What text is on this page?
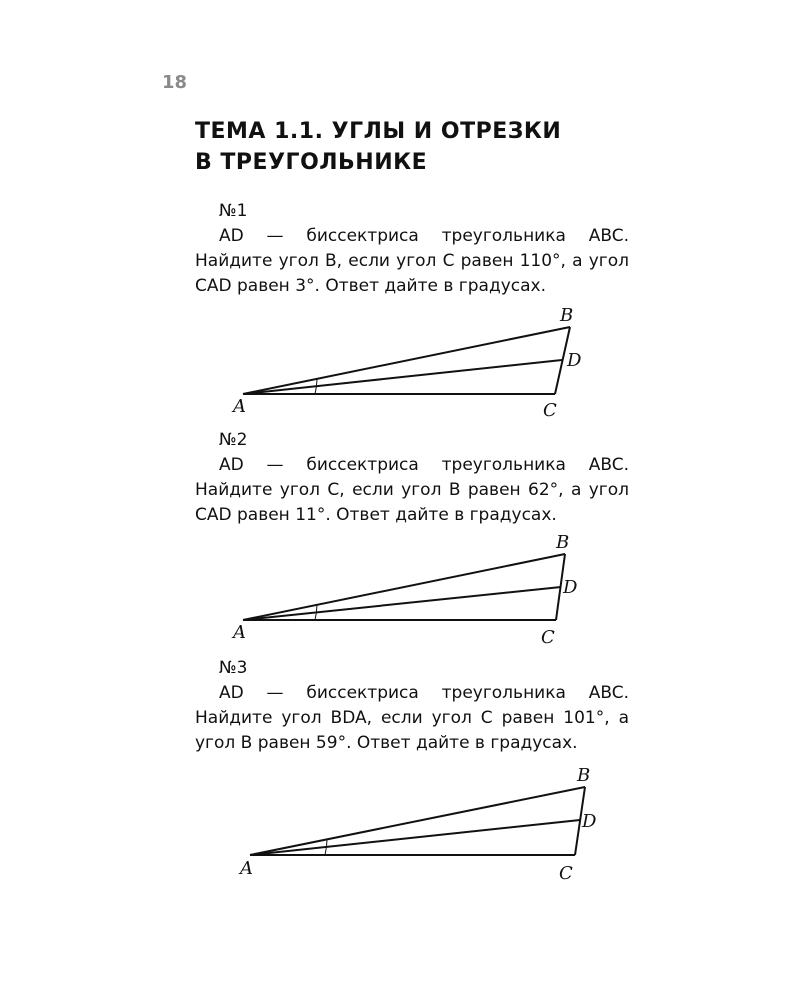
18
ТЕМА 1.1. УГЛЫ И ОТРЕЗКИ
В ТРЕУГОЛЬНИКЕ
№1

AD — биссектриса треугольника ABC. Найдите угол B, если угол C равен 110°, а угол CAD равен 3°. Ответ дайте в градусах.

A
B
C
D
№2

AD — биссектриса треугольника ABC. Найдите угол C, если угол B равен 62°, а угол CAD равен 11°. Ответ дайте в градусах.

A
B
C
D
№3

AD — биссектриса треугольника ABC. Найдите угол BDA, если угол C равен 101°, а угол B равен 59°. Ответ дайте в градусах.

A
B
C
D
